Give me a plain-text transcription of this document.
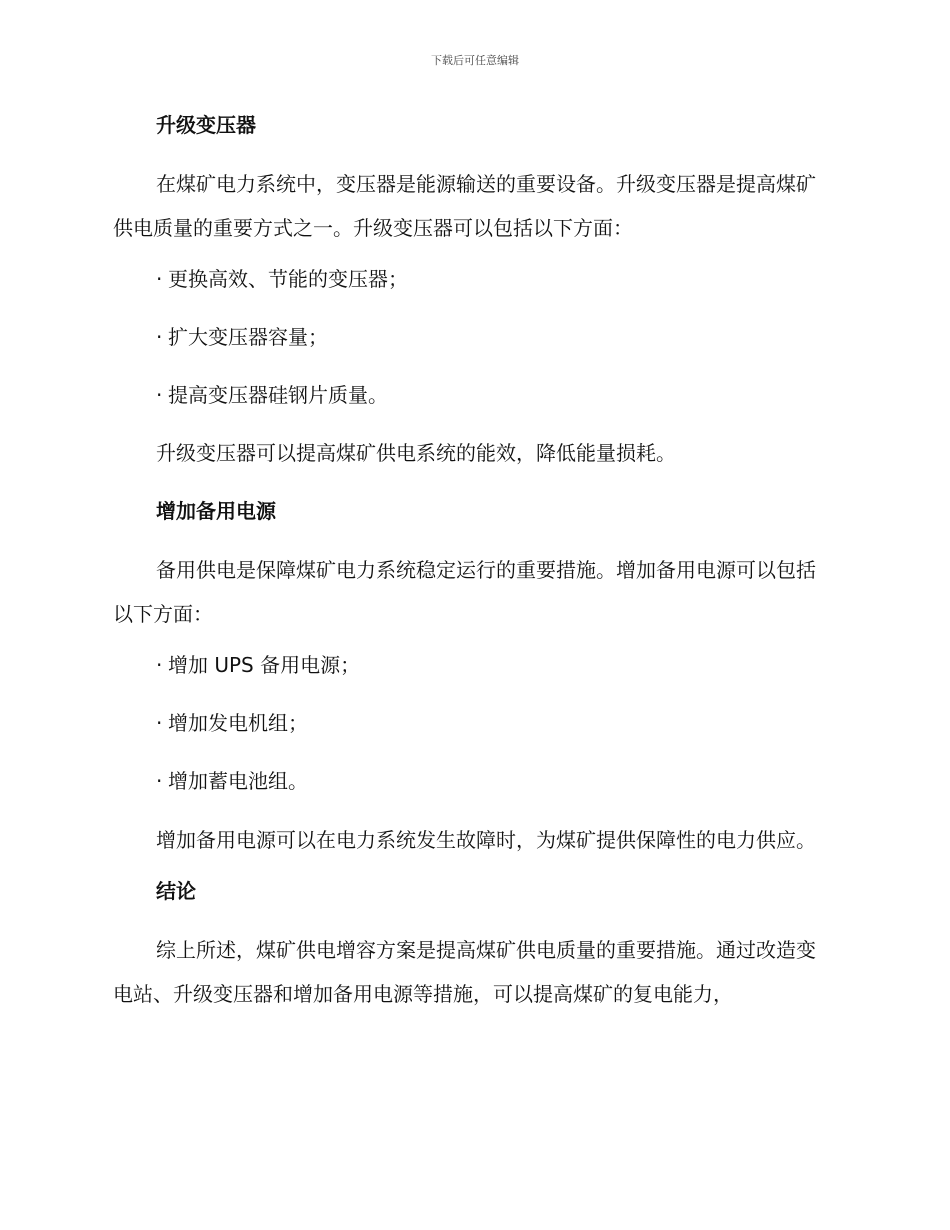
下载后可任意编辑
升级变压器
在煤矿电力系统中，变压器是能源输送的重要设备。升级变压器是提高煤矿供电质量的重要方式之一。升级变压器可以包括以下方面：
· 更换高效、节能的变压器；
· 扩大变压器容量；
· 提高变压器硅钢片质量。
升级变压器可以提高煤矿供电系统的能效，降低能量损耗。
增加备用电源
备用供电是保障煤矿电力系统稳定运行的重要措施。增加备用电源可以包括以下方面：
· 增加 UPS 备用电源；
· 增加发电机组；
· 增加蓄电池组。
增加备用电源可以在电力系统发生故障时，为煤矿提供保障性的电力供应。
结论
综上所述，煤矿供电增容方案是提高煤矿供电质量的重要措施。通过改造变电站、升级变压器和增加备用电源等措施，可以提高煤矿的复电能力，
